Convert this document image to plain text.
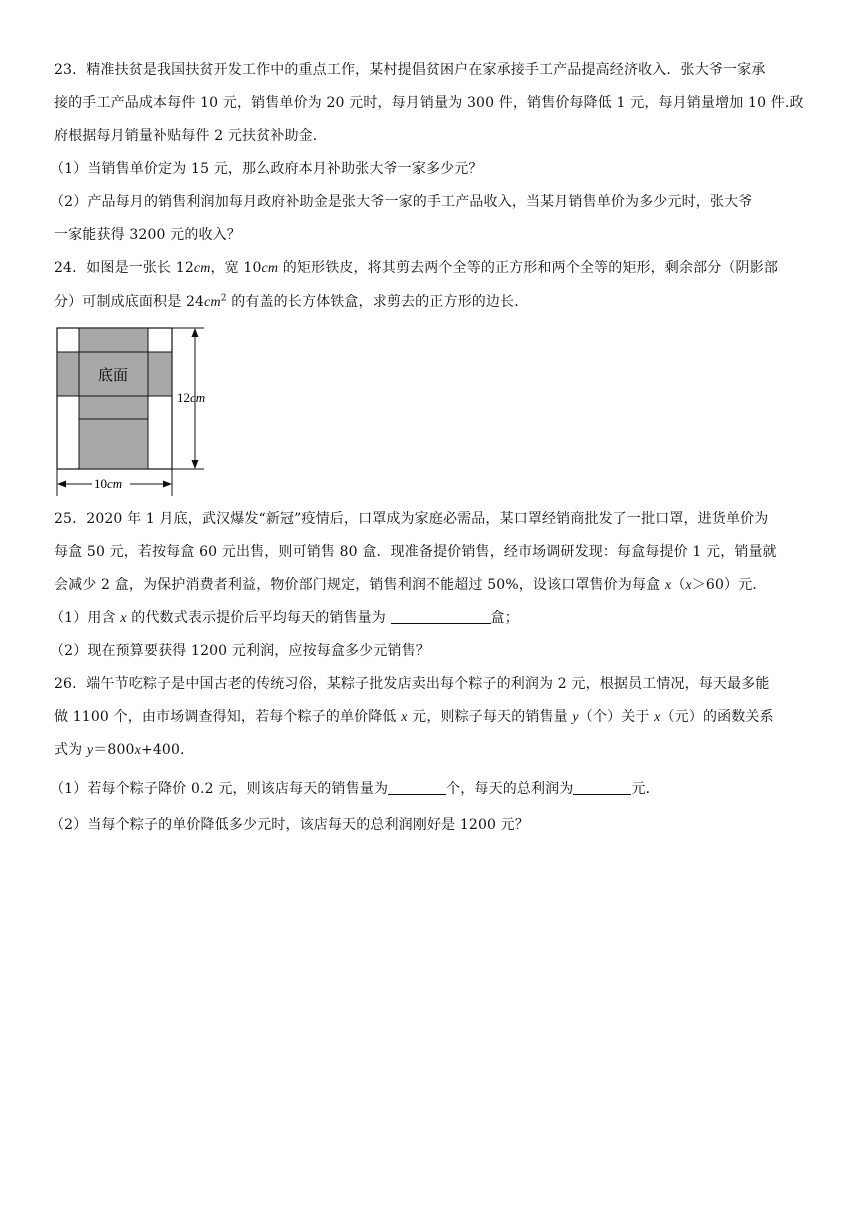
23．精准扶贫是我国扶贫开发工作中的重点工作，某村提倡贫困户在家承接手工产品提高经济收入．张大爷一家承
接的手工产品成本每件 10 元，销售单价为 20 元时，每月销量为 300 件，销售价每降低 1 元，每月销量增加 10 件.政
府根据每月销量补贴每件 2 元扶贫补助金．
（1）当销售单价定为 15 元，那么政府本月补助张大爷一家多少元？
（2）产品每月的销售利润加每月政府补助金是张大爷一家的手工产品收入，当某月销售单价为多少元时，张大爷
一家能获得 3200 元的收入？
24．如图是一张长 12cm，宽 10cm 的矩形铁皮，将其剪去两个全等的正方形和两个全等的矩形，剩余部分（阴影部
分）可制成底面积是 $24cm^2$ 的有盖的长方体铁盒，求剪去的正方形的边长．
底面
12cm
10cm
25．2020 年 1 月底，武汉爆发“新冠”疫情后，口罩成为家庭必需品，某口罩经销商批发了一批口罩，进货单价为
每盒 50 元，若按每盒 60 元出售，则可销售 80 盒．现准备提价销售，经市场调研发现：每盒每提价 1 元，销量就
会减少 2 盒，为保护消费者利益，物价部门规定，销售利润不能超过 50%，设该口罩售价为每盒 x（x＞60）元．
（1）用含 x 的代数式表示提价后平均每天的销售量为	盒；
（2）现在预算要获得 1200 元利润，应按每盒多少元销售？
26．端午节吃粽子是中国古老的传统习俗，某粽子批发店卖出每个粽子的利润为 2 元，根据员工情况，每天最多能
做 1100 个，由市场调查得知，若每个粽子的单价降低 x 元，则粽子每天的销售量 y（个）关于 x（元）的函数关系
式为 y＝800x+400．
（1）若每个粽子降价 0.2 元，则该店每天的销售量为	个，每天的总利润为	元．
（2）当每个粽子的单价降低多少元时，该店每天的总利润刚好是 1200 元？
